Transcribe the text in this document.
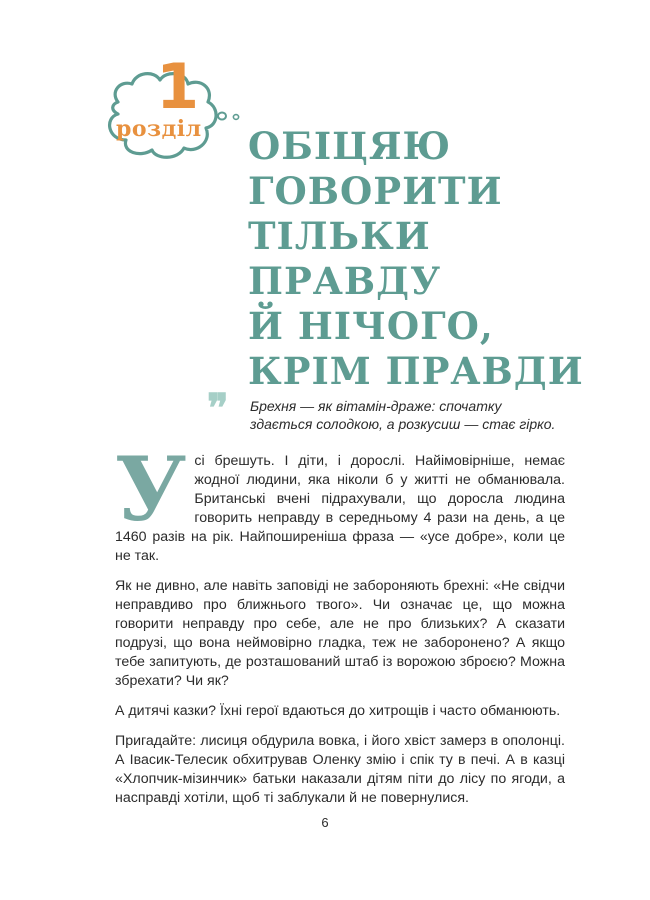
1
розділ ОБІЦЯЮ
ГОВОРИТИ
ТІЛЬКИ
ПРАВДУ
Й НІЧОГО,
КРІМ ПРАВДИ
❞ Брехня — як вітамін-драже: спочатку
здається солодкою, а розкусиш — стає гірко.

У сі брешуть. І діти, і дорослі. Найімовірніше, немає жодної людини, яка ніколи б у житті не обманювала. Британські вчені підрахували, що доросла людина говорить неправду в середньому 4 рази на день, а це 1460 разів на рік. Найпоширеніша фраза — «усе добре», коли це не так.

Як не дивно, але навіть заповіді не забороняють брехні: «Не свідчи неправдиво про ближнього твого». Чи означає це, що можна говорити неправду про себе, але не про близьких? А сказати подрузі, що вона неймовірно гладка, теж не заборонено? А якщо тебе запитують, де розташований штаб із ворожою зброєю? Можна збрехати? Чи як?

А дитячі казки? Їхні герої вдаються до хитрощів і часто обманюють.

Пригадайте: лисиця обдурила вовка, і його хвіст замерз в ополонці. А Івасик-Телесик обхитрував Оленку змію і спік ту в печі. А в казці «Хлопчик-мізинчик» батьки наказали дітям піти до лісу по ягоди, а насправді хотіли, щоб ті заблукали й не повернулися.

6
